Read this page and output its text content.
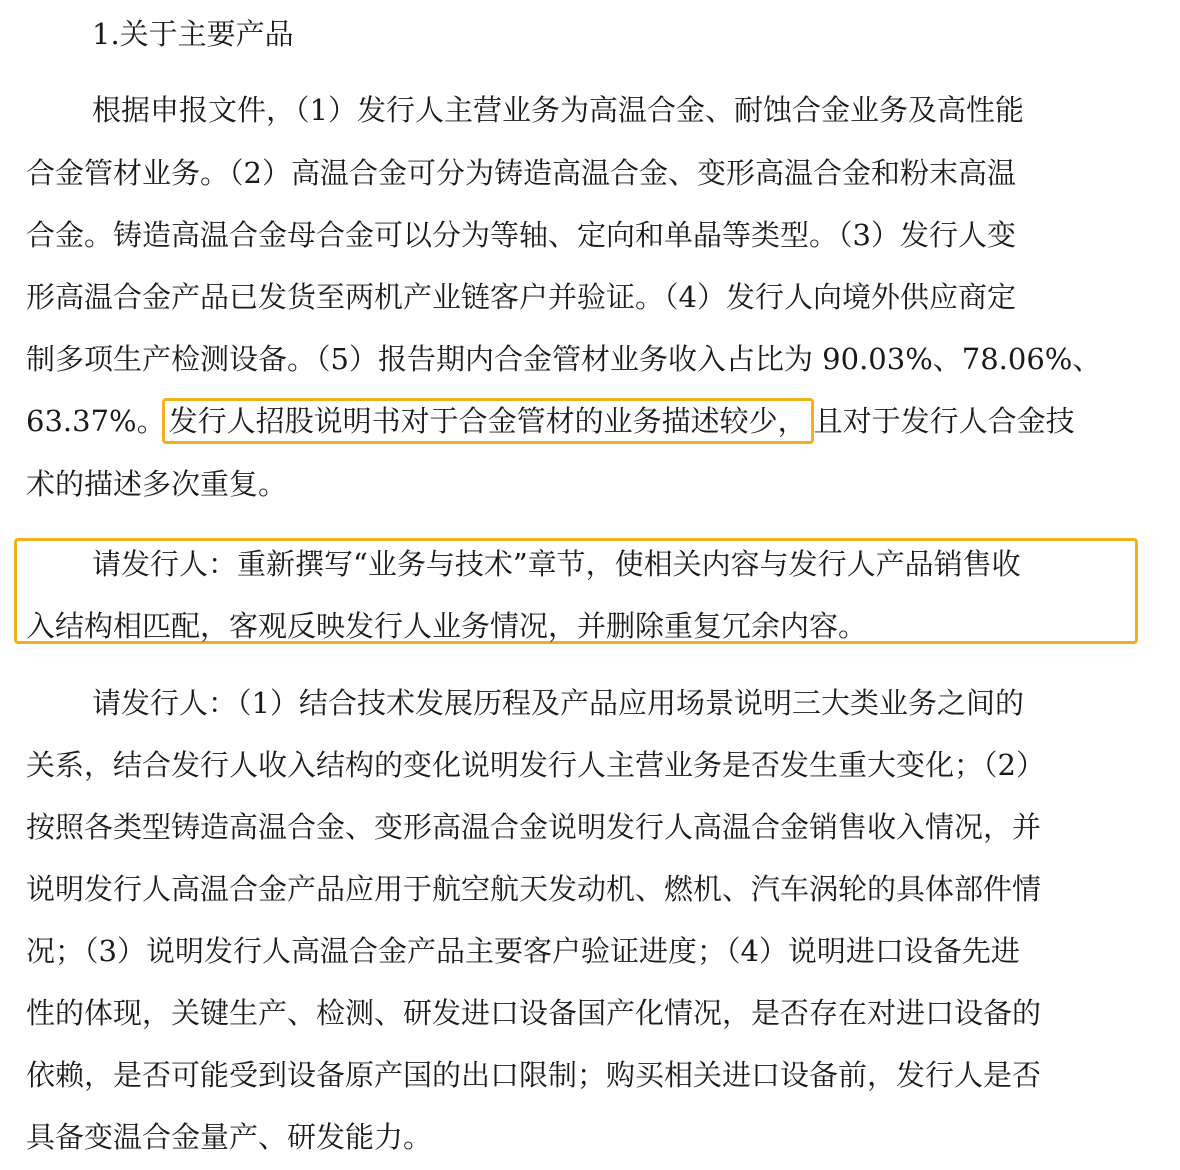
1.关于主要产品
根据申报文件，（1）发行人主营业务为高温合金、耐蚀合金业务及高性能
合金管材业务。（2）高温合金可分为铸造高温合金、变形高温合金和粉末高温
合金。铸造高温合金母合金可以分为等轴、定向和单晶等类型。（3）发行人变
形高温合金产品已发货至两机产业链客户并验证。（4）发行人向境外供应商定
制多项生产检测设备。（5）报告期内合金管材业务收入占比为 90.03%、78.06%、
63.37%。 发行人招股说明书对于合金管材的业务描述较少， 且对于发行人合金技
术的描述多次重复。
请发行人：重新撰写“业务与技术”章节，使相关内容与发行人产品销售收
入结构相匹配，客观反映发行人业务情况，并删除重复冗余内容。
请发行人：（1）结合技术发展历程及产品应用场景说明三大类业务之间的
关系，结合发行人收入结构的变化说明发行人主营业务是否发生重大变化；（2）
按照各类型铸造高温合金、变形高温合金说明发行人高温合金销售收入情况，并
说明发行人高温合金产品应用于航空航天发动机、燃机、汽车涡轮的具体部件情
况；（3）说明发行人高温合金产品主要客户验证进度；（4）说明进口设备先进
性的体现，关键生产、检测、研发进口设备国产化情况，是否存在对进口设备的
依赖，是否可能受到设备原产国的出口限制；购买相关进口设备前，发行人是否
具备变温合金量产、研发能力。
